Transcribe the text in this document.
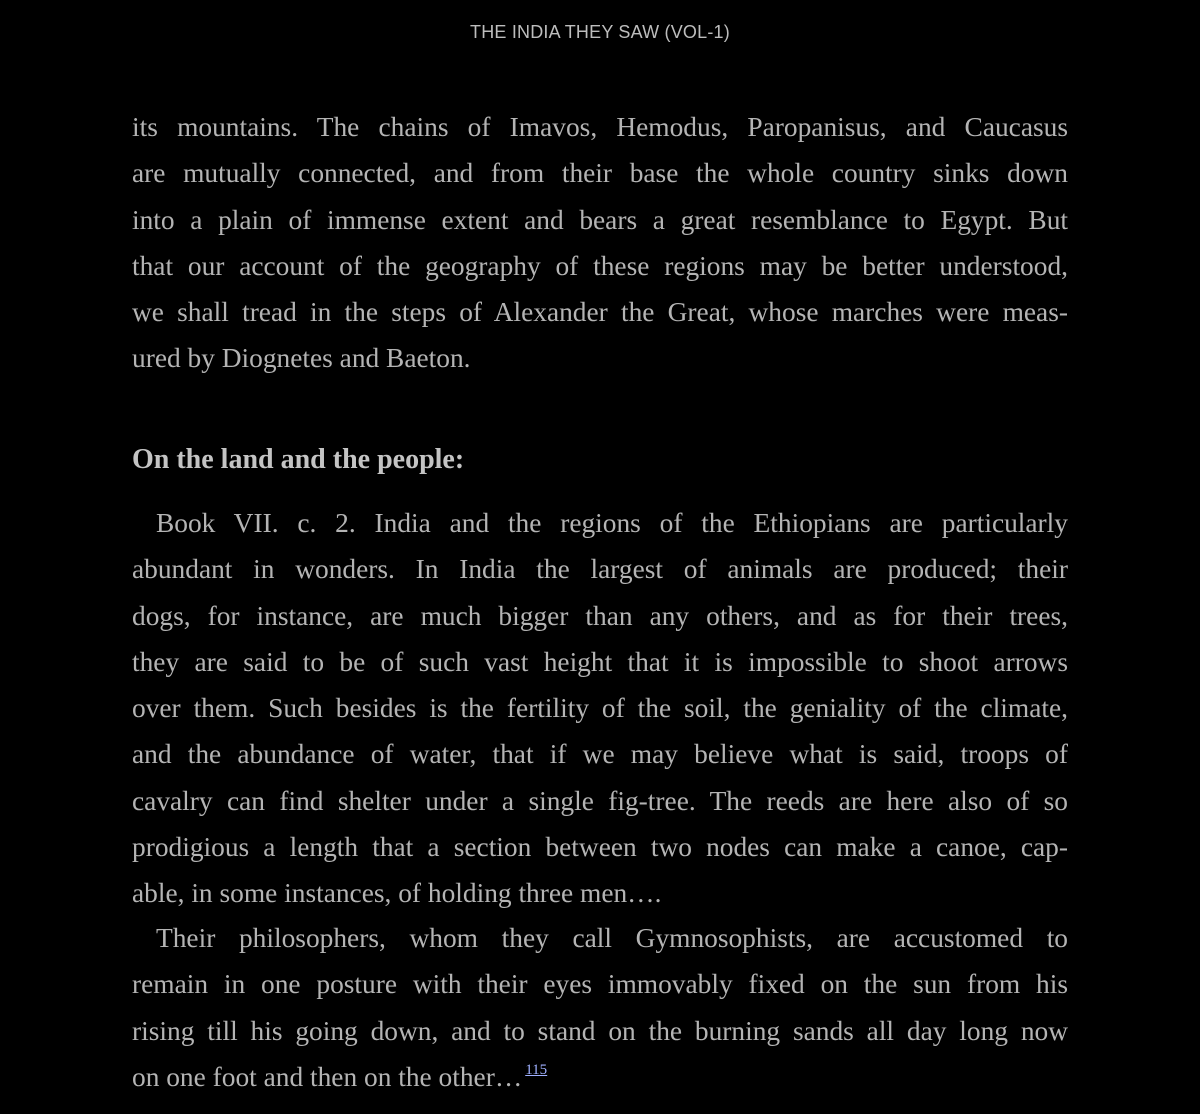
THE INDIA THEY SAW (VOL-1)
its mountains. The chains of Imavos, Hemodus, Paropanisus, and Caucasus
are mutually connected, and from their base the whole country sinks down
into a plain of immense extent and bears a great resemblance to Egypt. But
that our account of the geography of these regions may be better understood,
we shall tread in the steps of Alexander the Great, whose marches were meas-
ured by Diognetes and Baeton.
On the land and the people:
Book VII. c. 2. India and the regions of the Ethiopians are particularly
abundant in wonders. In India the largest of animals are produced; their
dogs, for instance, are much bigger than any others, and as for their trees,
they are said to be of such vast height that it is impossible to shoot arrows
over them. Such besides is the fertility of the soil, the geniality of the climate,
and the abundance of water, that if we may believe what is said, troops of
cavalry can find shelter under a single fig-tree. The reeds are here also of so
prodigious a length that a section between two nodes can make a canoe, cap-
able, in some instances, of holding three men….
Their philosophers, whom they call Gymnosophists, are accustomed to
remain in one posture with their eyes immovably fixed on the sun from his
rising till his going down, and to stand on the burning sands all day long now
on one foot and then on the other… $^{115}$
